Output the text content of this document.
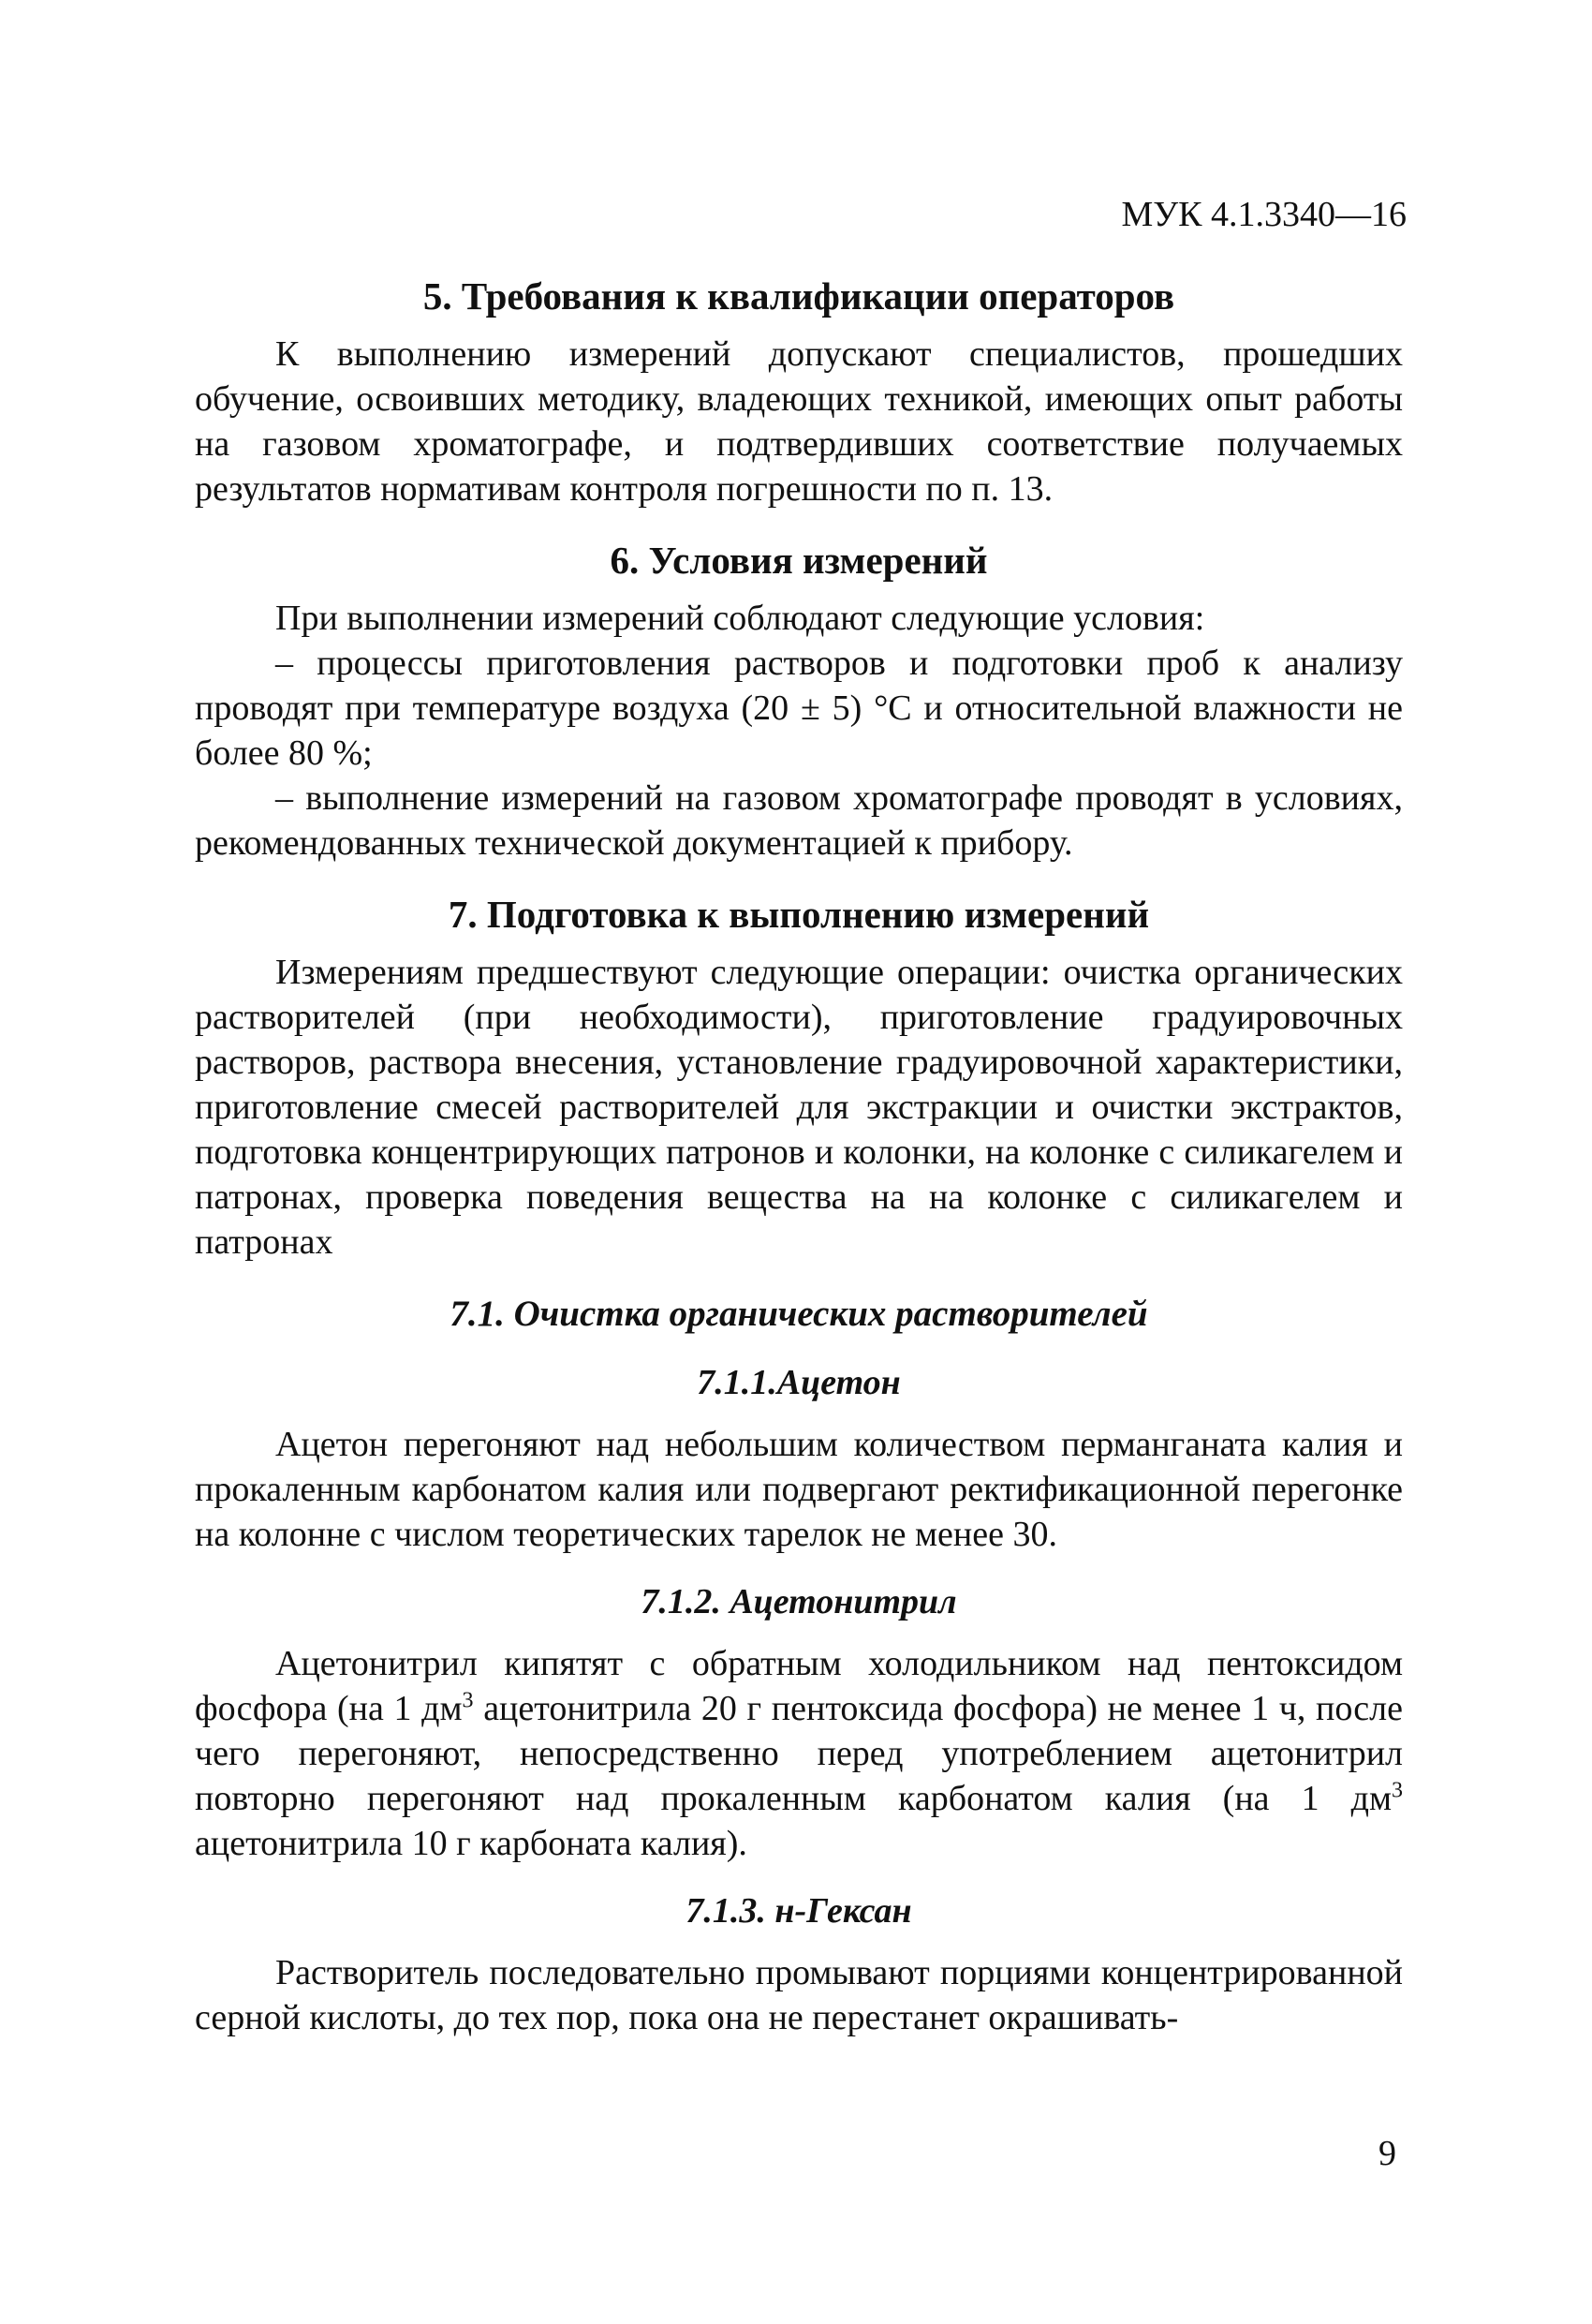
МУК 4.1.3340—16
5. Требования к квалификации операторов

К выполнению измерений допускают специалистов, прошедших обучение, освоивших методику, владеющих техникой, имеющих опыт работы на газовом хроматографе, и подтвердивших соответствие получаемых результатов нормативам контроля погрешности по п. 13.

6. Условия измерений

При выполнении измерений соблюдают следующие условия:

– процессы приготовления растворов и подготовки проб к анализу проводят при температуре воздуха (20 ± 5) °С и относительной влажности не более 80 %;

– выполнение измерений на газовом хроматографе проводят в условиях, рекомендованных технической документацией к прибору.

7. Подготовка к выполнению измерений

Измерениям предшествуют следующие операции: очистка органических растворителей (при необходимости), приготовление градуировочных растворов, раствора внесения, установление градуировочной характеристики, приготовление смесей растворителей для экстракции и очистки экстрактов, подготовка концентрирующих патронов и колонки, на колонке с силикагелем и патронах, проверка поведения вещества на на колонке с силикагелем и патронах

7.1. Очистка органических растворителей
7.1.1.Ацетон

Ацетон перегоняют над небольшим количеством перманганата калия и прокаленным карбонатом калия или подвергают ректификационной перегонке на колонне с числом теоретических тарелок не менее 30.

7.1.2. Ацетонитрил

Ацетонитрил кипятят с обратным холодильником над пентоксидом фосфора (на 1 $дм^3$ ацетонитрила 20 г пентоксида фосфора) не менее 1 ч, после чего перегоняют, непосредственно перед употреблением ацетонитрил повторно перегоняют над прокаленным карбонатом калия (на 1 $дм^3$ ацетонитрила 10 г карбоната калия).

7.1.3. н-Гексан

Растворитель последовательно промывают порциями концентрированной серной кислоты, до тех пор, пока она не перестанет окрашивать-

9
